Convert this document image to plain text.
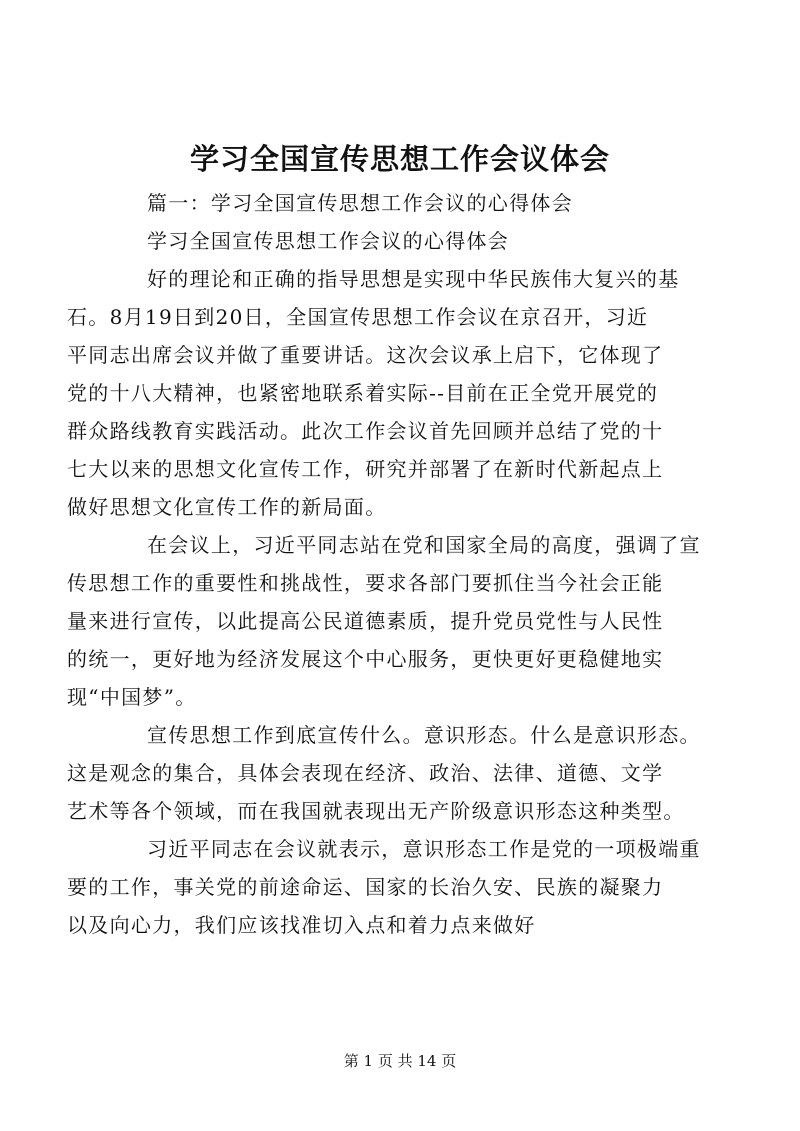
学习全国宣传思想工作会议体会

篇一：学习全国宣传思想工作会议的心得体会

学习全国宣传思想工作会议的心得体会

好的理论和正确的指导思想是实现中华民族伟大复兴的基
石。8月19日到20日，全国宣传思想工作会议在京召开，习近
平同志出席会议并做了重要讲话。这次会议承上启下，它体现了
党的十八大精神，也紧密地联系着实际--目前在正全党开展党的
群众路线教育实践活动。此次工作会议首先回顾并总结了党的十
七大以来的思想文化宣传工作，研究并部署了在新时代新起点上
做好思想文化宣传工作的新局面。

在会议上，习近平同志站在党和国家全局的高度，强调了宣
传思想工作的重要性和挑战性，要求各部门要抓住当今社会正能
量来进行宣传，以此提高公民道德素质，提升党员党性与人民性
的统一，更好地为经济发展这个中心服务，更快更好更稳健地实
现“中国梦”。

宣传思想工作到底宣传什么。意识形态。什么是意识形态。
这是观念的集合，具体会表现在经济、政治、法律、道德、文学
艺术等各个领域，而在我国就表现出无产阶级意识形态这种类型。

习近平同志在会议就表示，意识形态工作是党的一项极端重
要的工作，事关党的前途命运、国家的长治久安、民族的凝聚力
以及向心力，我们应该找准切入点和着力点来做好

第 1 页 共 14 页
